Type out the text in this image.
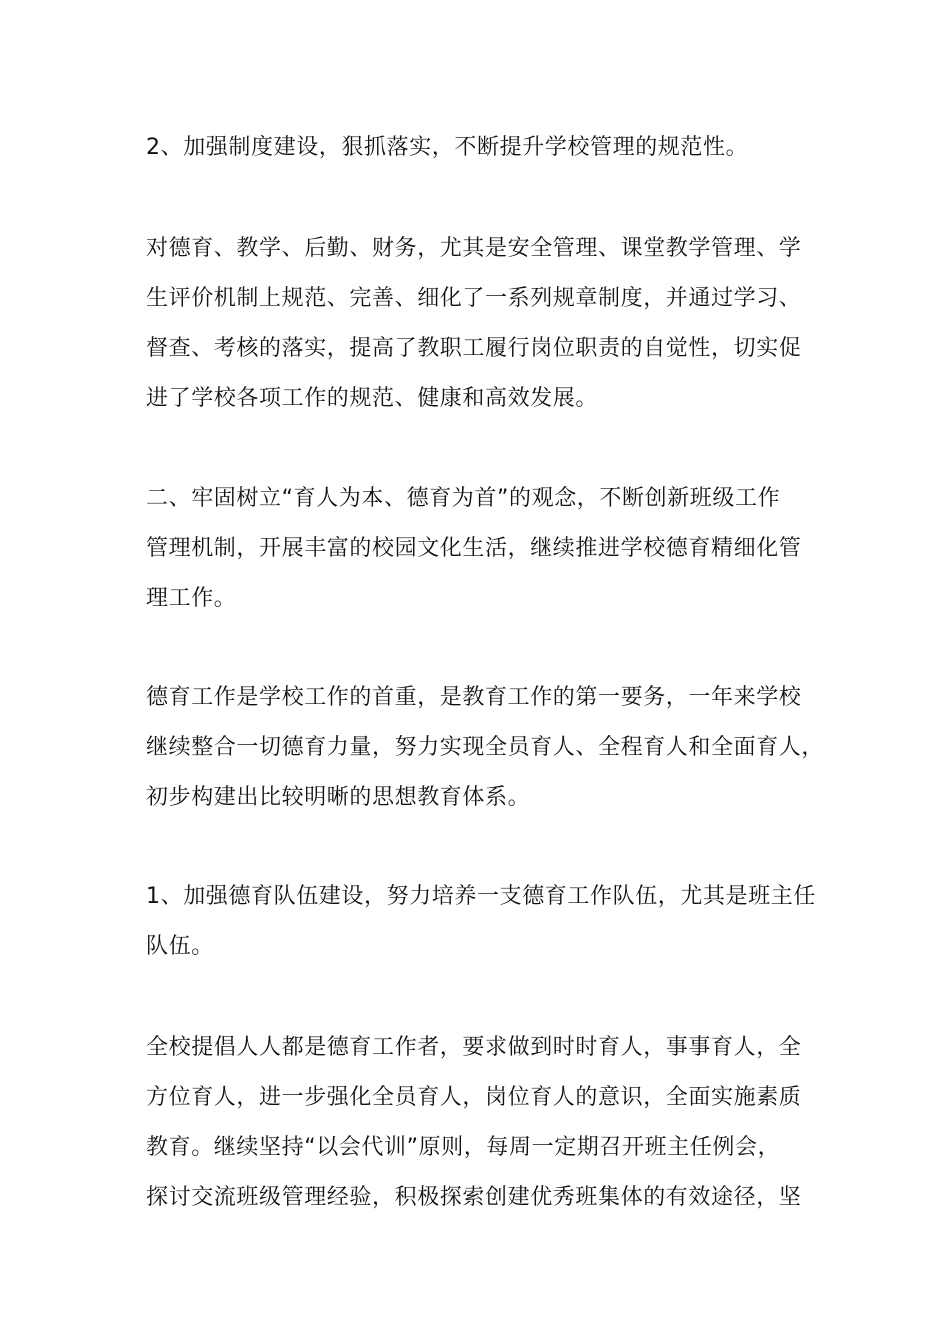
2、加强制度建设，狠抓落实，不断提升学校管理的规范性。

对德育、教学、后勤、财务，尤其是安全管理、课堂教学管理、学
生评价机制上规范、完善、细化了一系列规章制度，并通过学习、
督查、考核的落实，提高了教职工履行岗位职责的自觉性，切实促
进了学校各项工作的规范、健康和高效发展。

二、牢固树立“育人为本、德育为首”的观念，不断创新班级工作
管理机制，开展丰富的校园文化生活，继续推进学校德育精细化管
理工作。

德育工作是学校工作的首重，是教育工作的第一要务，一年来学校
继续整合一切德育力量，努力实现全员育人、全程育人和全面育人，
初步构建出比较明晰的思想教育体系。

1、加强德育队伍建设，努力培养一支德育工作队伍，尤其是班主任
队伍。

全校提倡人人都是德育工作者，要求做到时时育人，事事育人，全
方位育人，进一步强化全员育人，岗位育人的意识，全面实施素质
教育。继续坚持“以会代训”原则，每周一定期召开班主任例会，
探讨交流班级管理经验，积极探索创建优秀班集体的有效途径，坚
